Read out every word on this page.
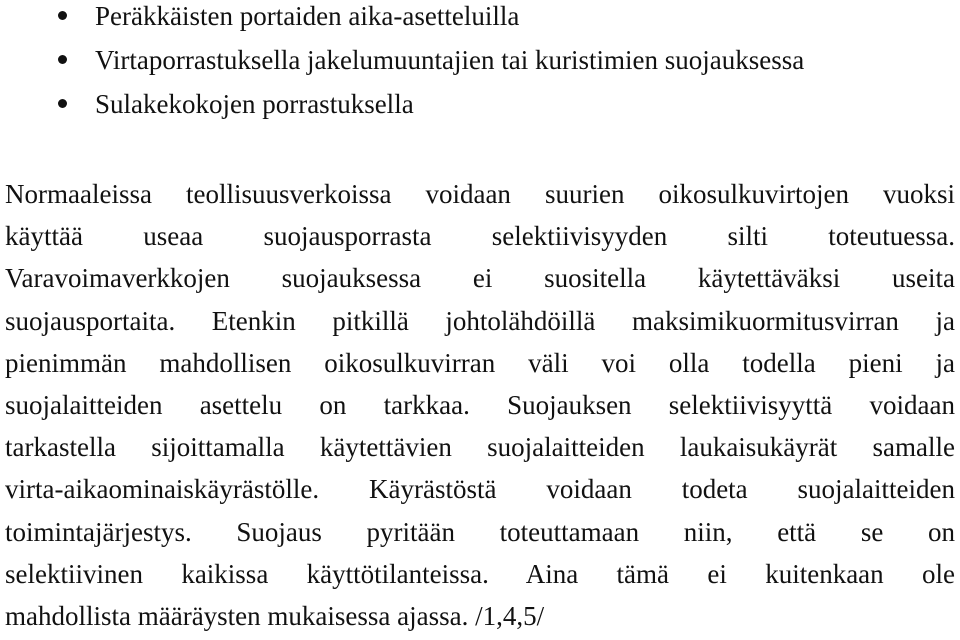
Peräkkäisten portaiden aika-asetteluilla
Virtaporrastuksella jakelumuuntajien tai kuristimien suojauksessa
Sulakekokojen porrastuksella
Normaaleissa teollisuusverkoissa voidaan suurien oikosulkuvirtojen vuoksi
käyttää useaa suojausporrasta selektiivisyyden silti toteutuessa.
Varavoimaverkkojen suojauksessa ei suositella käytettäväksi useita
suojausportaita. Etenkin pitkillä johtolähdöillä maksimikuormitusvirran ja
pienimmän mahdollisen oikosulkuvirran väli voi olla todella pieni ja
suojalaitteiden asettelu on tarkkaa. Suojauksen selektiivisyyttä voidaan
tarkastella sijoittamalla käytettävien suojalaitteiden laukaisukäyrät samalle
virta-aikaominaiskäyrästölle. Käyrästöstä voidaan todeta suojalaitteiden
toimintajärjestys. Suojaus pyritään toteuttamaan niin, että se on
selektiivinen kaikissa käyttötilanteissa. Aina tämä ei kuitenkaan ole
mahdollista määräysten mukaisessa ajassa. /1,4,5/
